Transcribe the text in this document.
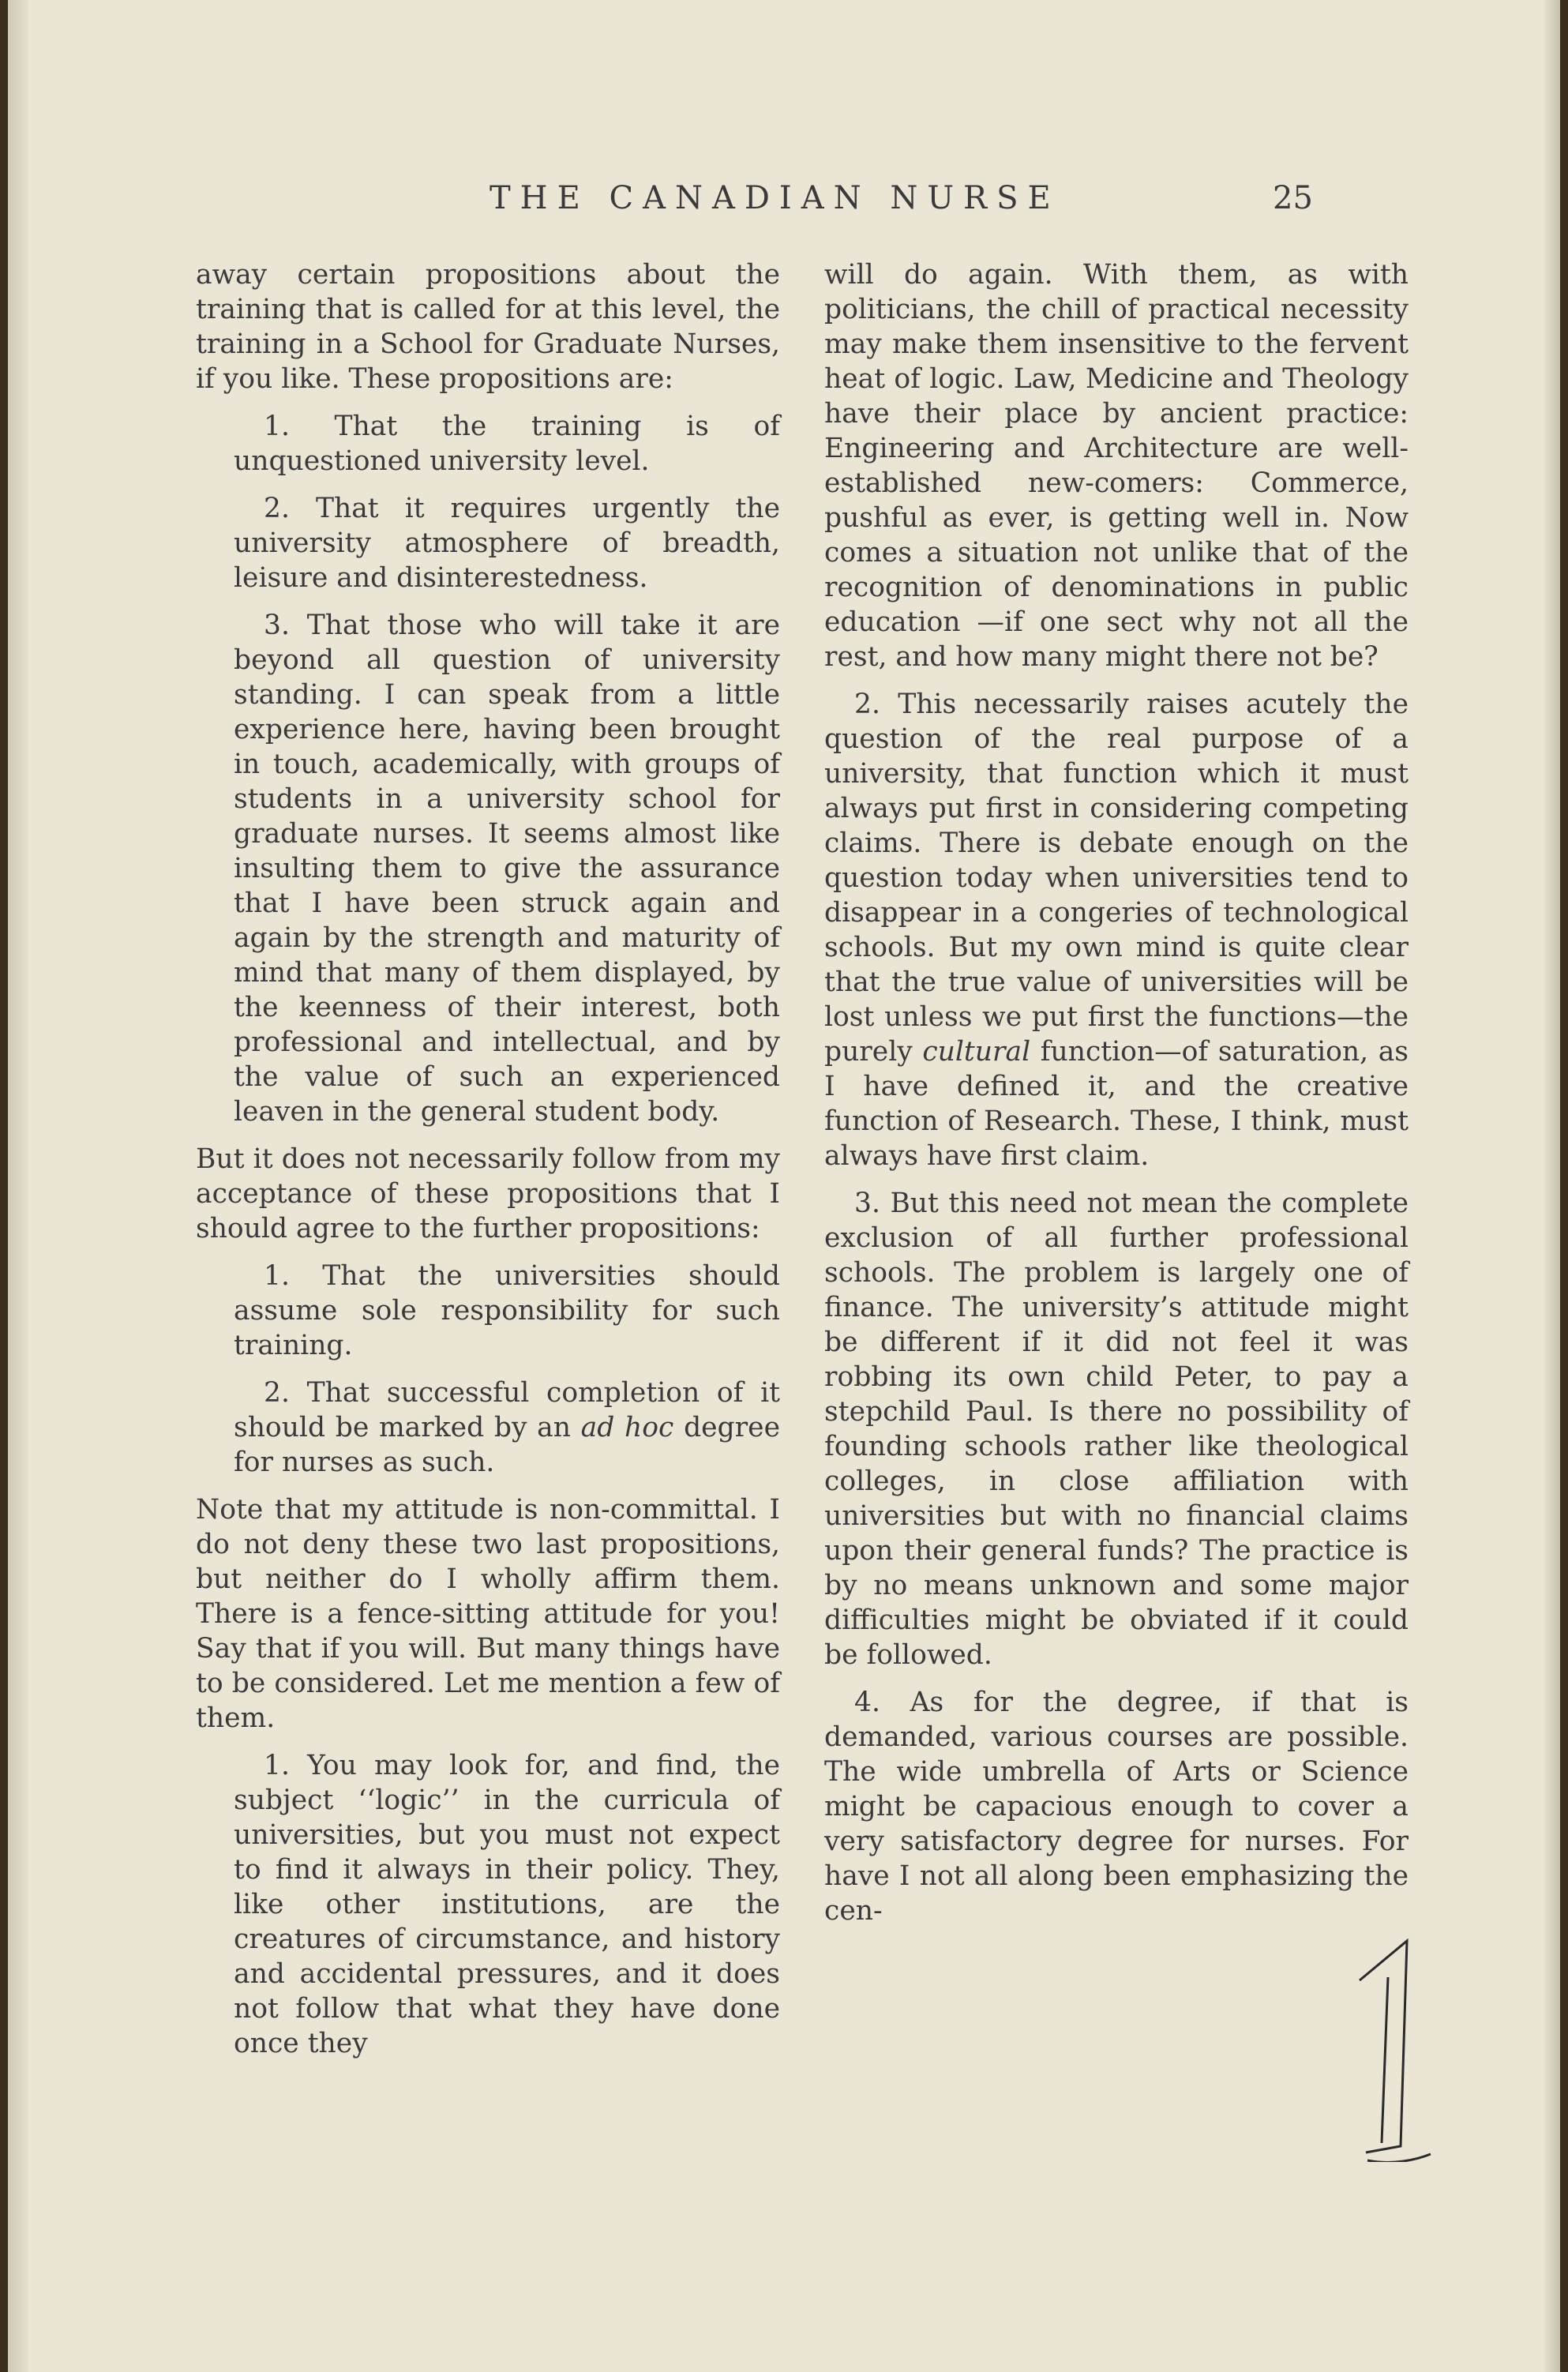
THE CANADIAN NURSE	25

away certain propositions about the training that is called for at this level, the training in a School for Graduate Nurses, if you like. These propositions are:

1. That the training is of unquestioned university level.

2. That it requires urgently the university atmosphere of breadth, leisure and disinterestedness.

3. That those who will take it are beyond all question of university standing. I can speak from a little experience here, having been brought in touch, academically, with groups of students in a university school for graduate nurses. It seems almost like insulting them to give the assurance that I have been struck again and again by the strength and maturity of mind that many of them displayed, by the keenness of their interest, both professional and intellectual, and by the value of such an experienced leaven in the general student body.

But it does not necessarily follow from my acceptance of these propositions that I should agree to the further propositions:

1. That the universities should assume sole responsibility for such training.

2. That successful completion of it should be marked by an ad hoc degree for nurses as such.

Note that my attitude is non-committal. I do not deny these two last propositions, but neither do I wholly affirm them. There is a fence-sitting attitude for you! Say that if you will. But many things have to be considered. Let me mention a few of them.

1. You may look for, and find, the subject ‘‘logic’’ in the curricula of universities, but you must not expect to find it always in their policy. They, like other institutions, are the creatures of circumstance, and history and accidental pressures, and it does not follow that what they have done once they

will do again. With them, as with politicians, the chill of practical necessity may make them insensitive to the fervent heat of logic. Law, Medicine and Theology have their place by ancient practice: Engineering and Architecture are well-established new-comers: Commerce, pushful as ever, is getting well in. Now comes a situation not unlike that of the recognition of denominations in public education —if one sect why not all the rest, and how many might there not be?

2. This necessarily raises acutely the question of the real purpose of a university, that function which it must always put first in considering competing claims. There is debate enough on the question today when universities tend to disappear in a congeries of technological schools. But my own mind is quite clear that the true value of universities will be lost unless we put first the functions—the purely cultural function—of saturation, as I have defined it, and the creative function of Research. These, I think, must always have first claim.

3. But this need not mean the complete exclusion of all further professional schools. The problem is largely one of finance. The university’s attitude might be different if it did not feel it was robbing its own child Peter, to pay a stepchild Paul. Is there no possibility of founding schools rather like theological colleges, in close affiliation with universities but with no financial claims upon their general funds? The practice is by no means unknown and some major difficulties might be obviated if it could be followed.

4. As for the degree, if that is demanded, various courses are possible. The wide umbrella of Arts or Science might be capacious enough to cover a very satisfactory degree for nurses. For have I not all along been emphasizing the cen-
